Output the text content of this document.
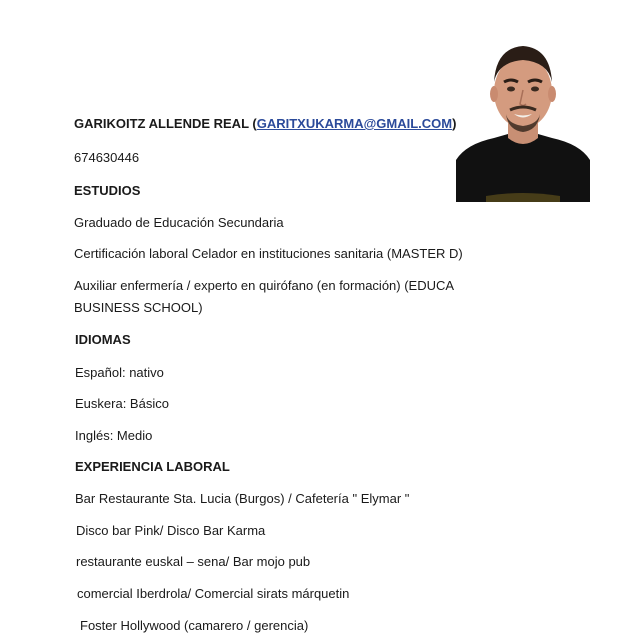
GARIKOITZ ALLENDE REAL (GARITXUKARMA@GMAIL.COM)
674630446
ESTUDIOS
Graduado de Educación Secundaria
Certificación laboral Celador en instituciones sanitaria (MASTER D)
Auxiliar enfermería / experto en quirófano (en formación) (EDUCA BUSINESS SCHOOL)
IDIOMAS
Español: nativo
Euskera: Básico
Inglés: Medio
EXPERIENCIA LABORAL
Bar Restaurante Sta. Lucia (Burgos) / Cafetería " Elymar "
Disco bar Pink/ Disco Bar Karma
restaurante euskal – sena/ Bar mojo pub
comercial Iberdrola/ Comercial sirats márquetin
Foster Hollywood (camarero / gerencia)
